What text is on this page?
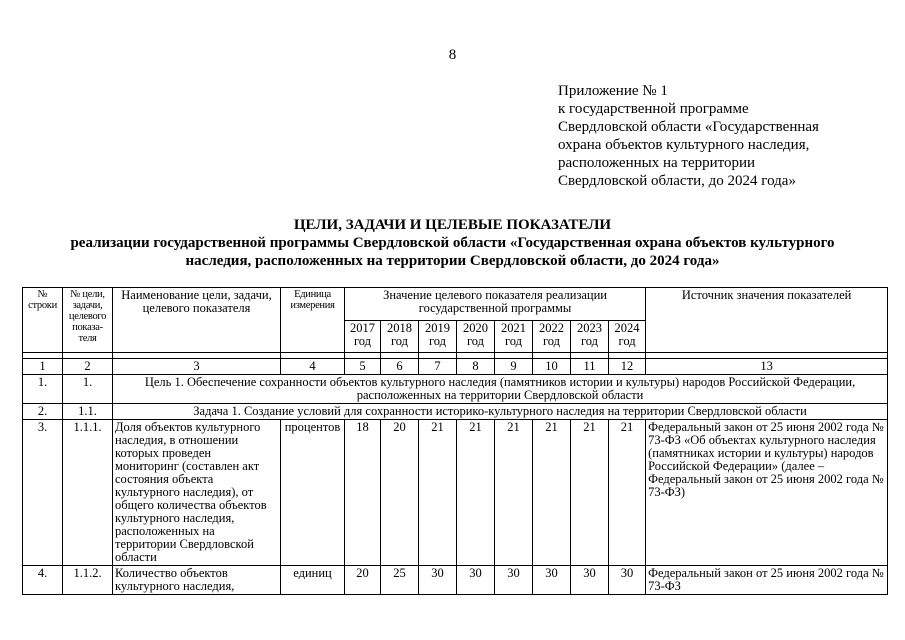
8
Приложение № 1
к государственной программе
Свердловской области «Государственная
охрана объектов культурного наследия,
расположенных на территории
Свердловской области, до 2024 года»
ЦЕЛИ, ЗАДАЧИ И ЦЕЛЕВЫЕ ПОКАЗАТЕЛИ
реализации государственной программы Свердловской области «Государственная охрана объектов культурного
наследия, расположенных на территории Свердловской области, до 2024 года»
№ строки	№ цели, задачи, целевого показа-теля	Наименование цели, задачи, целевого показателя	Единица измерения	Значение целевого показателя реализации государственной программы								Источник значения показателей
				2017 год	2018 год	2019 год	2020 год	2021 год	2022 год	2023 год	2024 год	

1	2	3	4	5	6	7	8	9	10	11	12	13
1.	1.	Цель 1. Обеспечение сохранности объектов культурного наследия (памятников истории и культуры) народов Российской Федерации, расположенных на территории Свердловской области										
2.	1.1.	Задача 1. Создание условий для сохранности историко-культурного наследия на территории Свердловской области										
3.	1.1.1.	Доля объектов культурного наследия, в отношении которых проведен мониторинг (составлен акт состояния объекта культурного наследия), от общего количества объектов культурного наследия, расположенных на территории Свердловской области	процентов	18	20	21	21	21	21	21	21	Федеральный закон от 25 июня 2002 года № 73-ФЗ «Об объектах культурного наследия (памятниках истории и культуры) народов Российской Федерации» (далее – Федеральный закон от 25 июня 2002 года № 73-ФЗ)
4.	1.1.2.	Количество объектов культурного наследия,	единиц	20	25	30	30	30	30	30	30	Федеральный закон от 25 июня 2002 года № 73-ФЗ
